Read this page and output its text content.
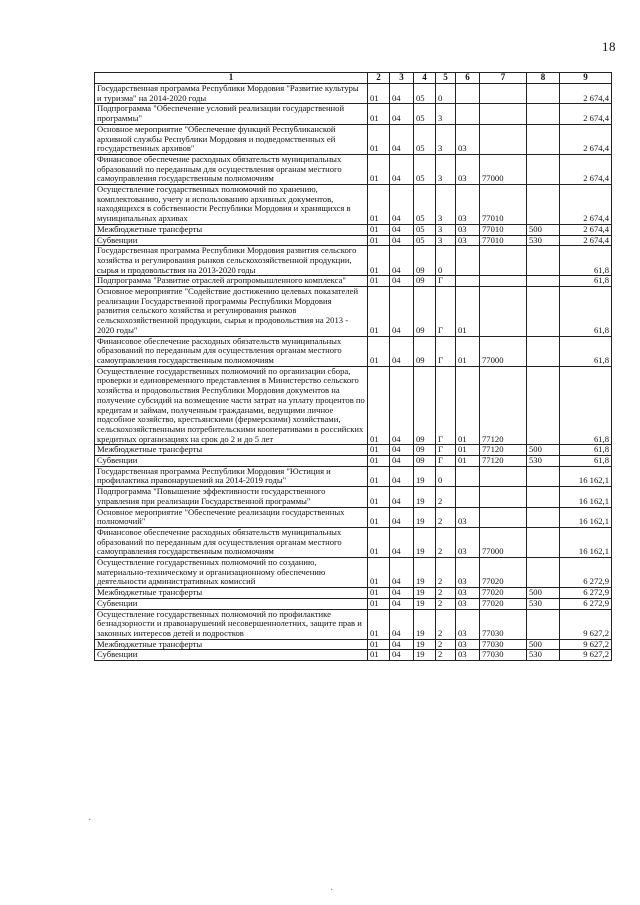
18
1	2	3	4	5	6	7	8	9
Государственная программа Республики Мордовия "Развитие культуры и туризма" на 2014-2020 годы	01	04	05	0				2 674,4
Подпрограмма "Обеспечение условий реализации государственной программы"	01	04	05	3				2 674,4
Основное мероприятие "Обеспечение функций Республиканской архивной службы Республики Мордовия и подведомственных ей государственных архивов"	01	04	05	3	03			2 674,4
Финансовое обеспечение расходных обязательств муниципальных образований по переданным для осуществления органам местного самоуправления государственным полномочиям	01	04	05	3	03	77000		2 674,4
Осуществление государственных полномочий по хранению, комплектованию, учету и использованию архивных документов, находящихся в собственности Республики Мордовия и хранящихся в муниципальных архивах	01	04	05	3	03	77010		2 674,4
Межбюджетные трансферты	01	04	05	3	03	77010	500	2 674,4
Субвенции	01	04	05	3	03	77010	530	2 674,4
Государственная программа Республики Мордовия развития сельского хозяйства и регулирования рынков сельскохозяйственной продукции, сырья и продовольствия на 2013-2020 годы	01	04	09	0				61,8
Подпрограмма "Развитие отраслей агропромышленного комплекса"	01	04	09	Г				61,8
Основное мероприятие "Содействие достижению целевых показателей реализации Государственной программы Республики Мордовия развития сельского хозяйства и регулирования рынков сельскохозяйственной продукции, сырья и продовольствия на 2013 - 2020 годы"	01	04	09	Г	01			61,8
Финансовое обеспечение расходных обязательств муниципальных образований по переданным для осуществления органам местного самоуправления государственным полномочиям	01	04	09	Г	01	77000		61,8
Осуществление государственных полномочий по организации сбора, проверки и единовременного представления в Министерство сельского хозяйства и продовольствия Республики Мордовия документов на получение субсидий на возмещение части затрат на уплату процентов по кредитам и займам, полученным гражданами, ведущими личное подсобное хозяйство, крестьянскими (фермерскими) хозяйствами, сельскохозяйственными потребительскими кооперативами в российских кредитных организациях на срок до 2 и до 5 лет	01	04	09	Г	01	77120		61,8
Межбюджетные трансферты	01	04	09	Г	01	77120	500	61,8
Субвенции	01	04	09	Г	01	77120	530	61,8
Государственная программа Республики Мордовия "Юстиция и профилактика правонарушений на 2014-2019 годы"	01	04	19	0				16 162,1
Подпрограмма "Повышение эффективности государственного управления при реализации Государственной программы"	01	04	19	2				16 162,1
Основное мероприятие "Обеспечение реализации государственных полномочий"	01	04	19	2	03			16 162,1
Финансовое обеспечение расходных обязательств муниципальных образований по переданным для осуществления органам местного самоуправления государственным полномочиям	01	04	19	2	03	77000		16 162,1
Осуществление государственных полномочий по созданию, материально-техническому и организационному обеспечению деятельности административных комиссий	01	04	19	2	03	77020		6 272,9
Межбюджетные трансферты	01	04	19	2	03	77020	500	6 272,9
Субвенции	01	04	19	2	03	77020	530	6 272,9
Осуществление государственных полномочий по профилактике безнадзорности и правонарушений несовершеннолетних, защите прав и законных интересов детей и подростков	01	04	19	2	03	77030		9 627,2
Межбюджетные трансферты	01	04	19	2	03	77030	500	9 627,2
Субвенции	01	04	19	2	03	77030	530	9 627,2
·
·
